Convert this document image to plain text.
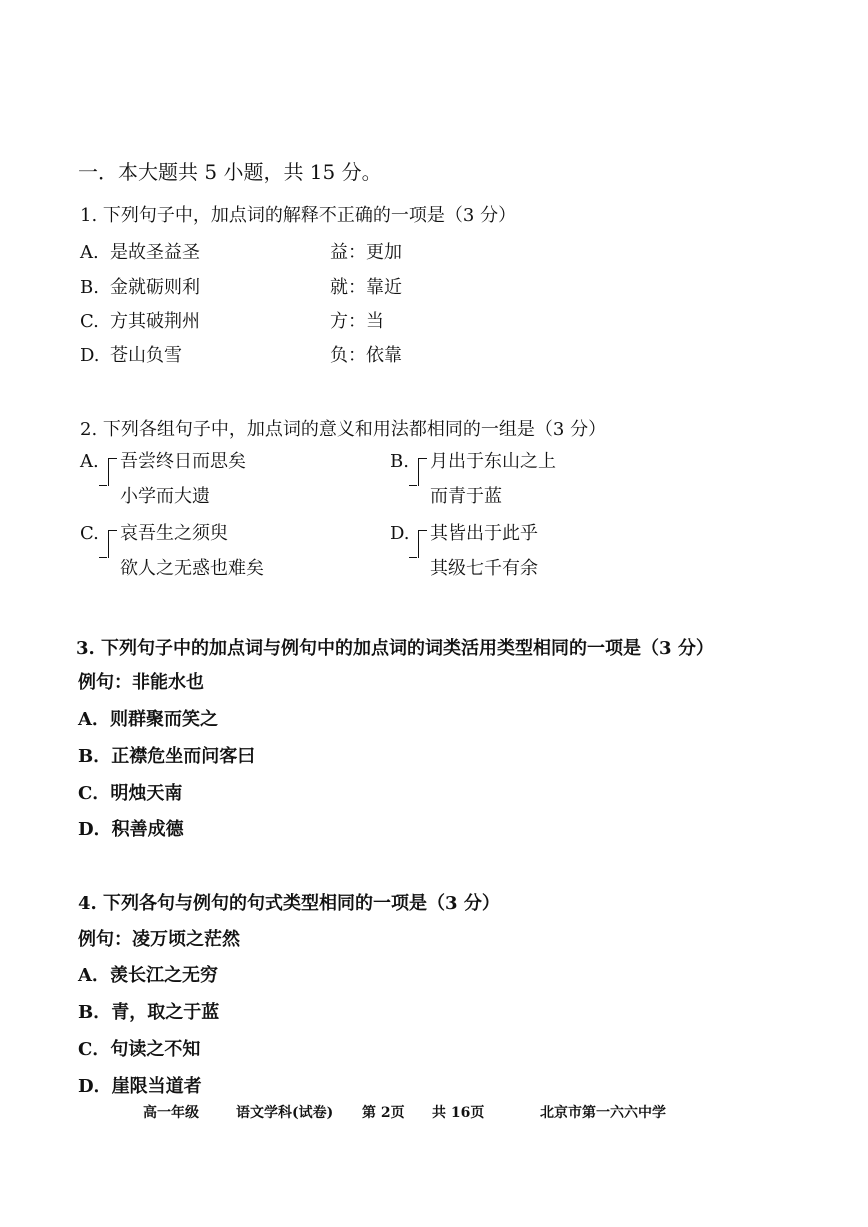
一．本大题共 5 小题，共 15 分。
1. 下列句子中，加点词的解释不正确的一项是（3 分）
A. 是故圣益圣	益：更加
B. 金就砺则利	就：靠近
C. 方其破荆州	方：当
D. 苍山负雪	负：依靠
2. 下列各组句子中，加点词的意义和用法都相同的一组是（3 分）
A. 吾尝终日而思矣
小学而大遗
B. 月出于东山之上
而青于蓝
C. 哀吾生之须臾
欲人之无惑也难矣
D. 其皆出于此乎
其级七千有余
3. 下列句子中的加点词与例句中的加点词的词类活用类型相同的一项是（3 分）
例句：非能水也
A．则群聚而笑之
B．正襟危坐而问客曰
C．明烛天南
D．积善成德
4. 下列各句与例句的句式类型相同的一项是（3 分）
例句：凌万顷之茫然
A．羡长江之无穷
B．青，取之于蓝
C．句读之不知
D．崖限当道者
高一年级	语文学科(试卷) 第 2页 共 16页	北京市第一六六中学
